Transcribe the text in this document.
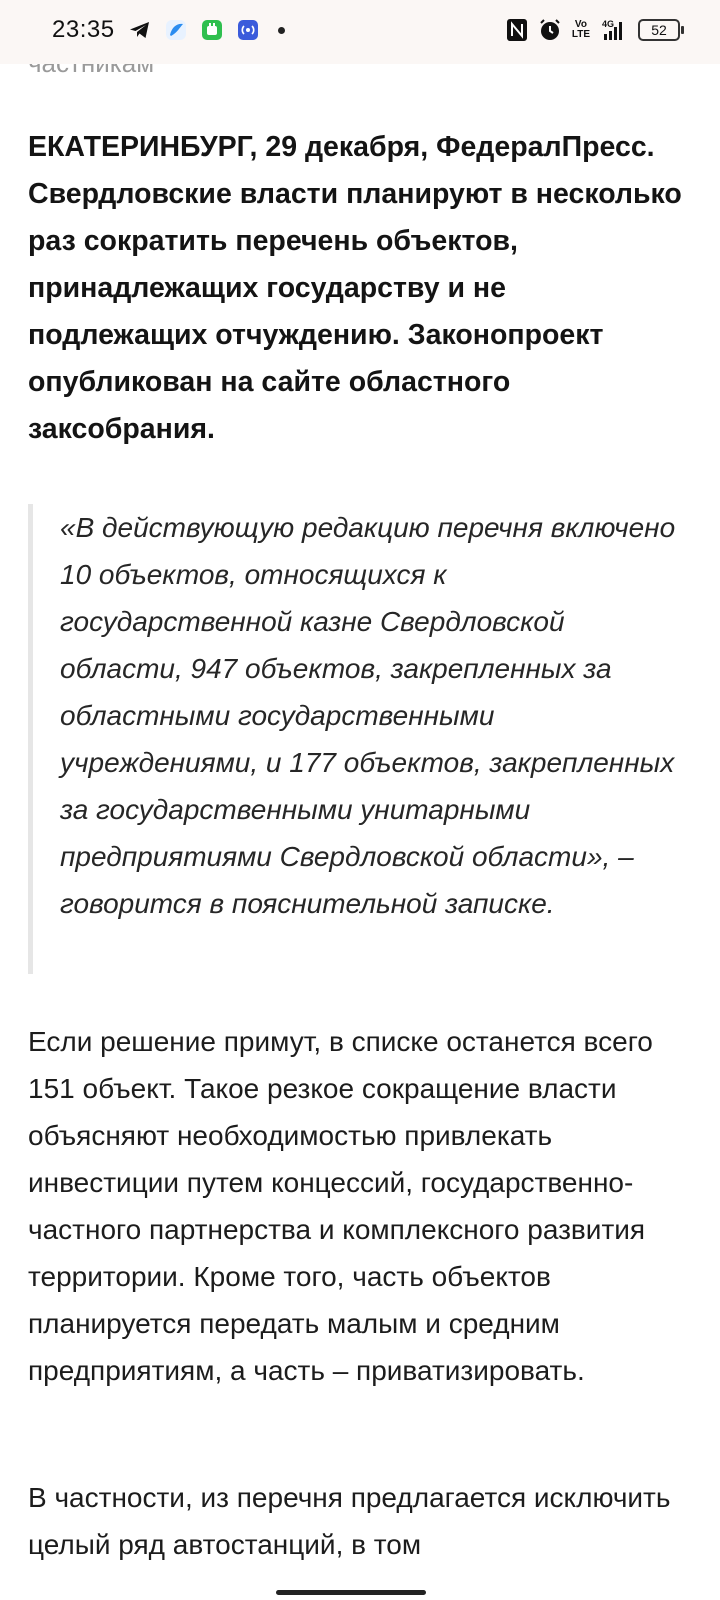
23:35	Vo
LTE
4G	52

ЕКАТЕРИНБУРГ, 29 декабря, ФедералПресс. Свердловские власти планируют в несколько раз сократить перечень объектов, принадлежащих государству и не подлежащих отчуждению. Законопроект опубликован на сайте областного заксобрания.

«В действующую редакцию перечня включено 10 объектов, относящихся к государственной казне Свердловской области, 947 объектов, закрепленных за областными государственными учреждениями, и 177 объектов, закрепленных за государственными унитарными предприятиями Свердловской области», – говорится в пояснительной записке.

Если решение примут, в списке останется всего 151 объект. Такое резкое сокращение власти объясняют необходимостью привлекать инвестиции путем концессий, государственно-частного партнерства и комплексного развития территории. Кроме того, часть объектов планируется передать малым и средним предприятиям, а часть – приватизировать.

В частности, из перечня предлагается исключить целый ряд автостанций, в том
